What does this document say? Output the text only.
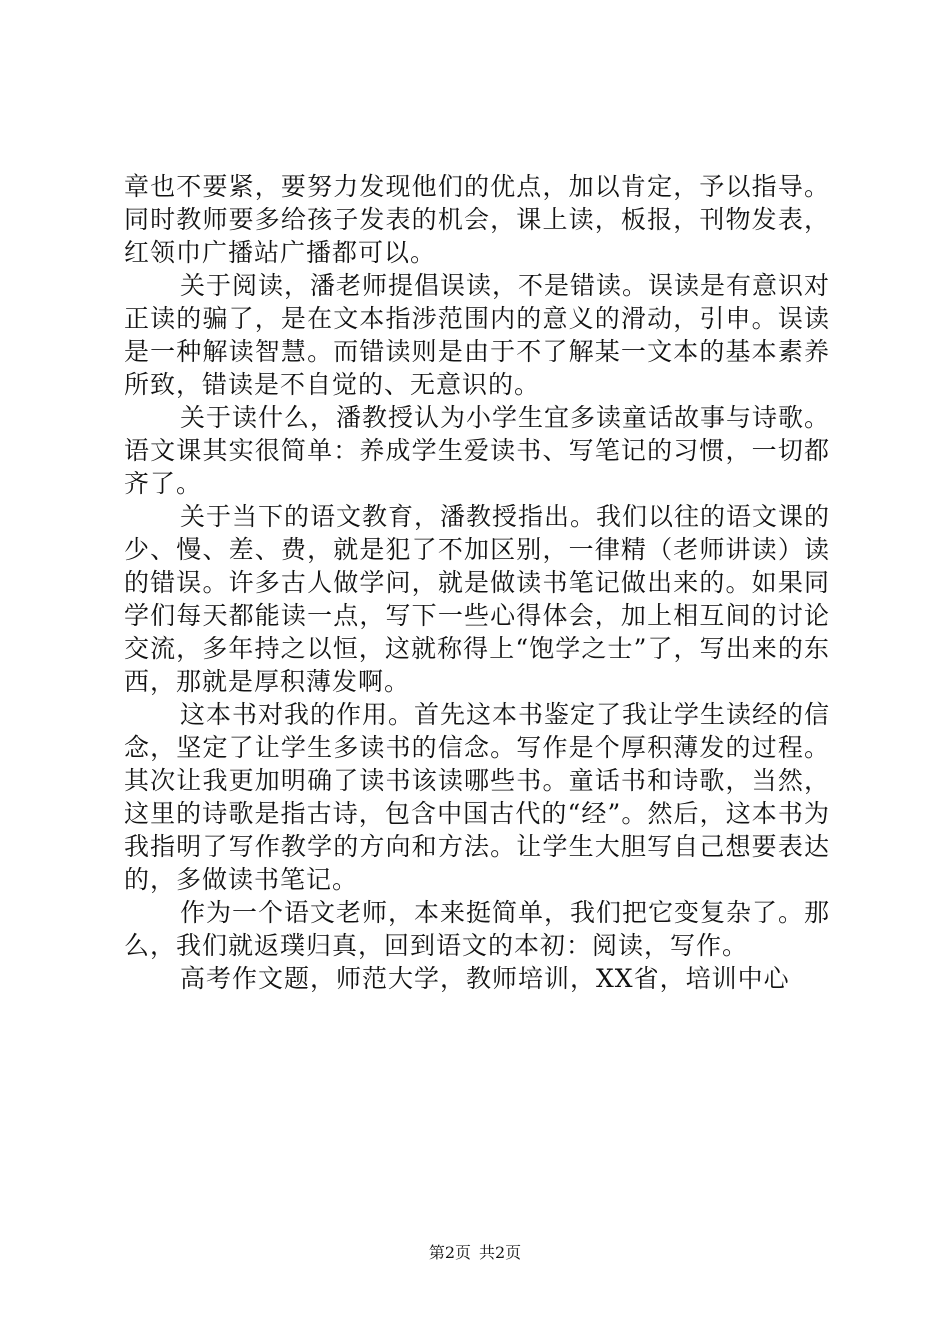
章也不要紧，要努力发现他们的优点，加以肯定，予以指导。同时教师要多给孩子发表的机会，课上读，板报，刊物发表，红领巾广播站广播都可以。

关于阅读，潘老师提倡误读，不是错读。误读是有意识对正读的骗了，是在文本指涉范围内的意义的滑动，引申。误读是一种解读智慧。而错读则是由于不了解某一文本的基本素养所致，错读是不自觉的、无意识的。

关于读什么，潘教授认为小学生宜多读童话故事与诗歌。语文课其实很简单：养成学生爱读书、写笔记的习惯，一切都齐了。

关于当下的语文教育，潘教授指出。我们以往的语文课的少、慢、差、费，就是犯了不加区别，一律精（老师讲读）读的错误。许多古人做学问，就是做读书笔记做出来的。如果同学们每天都能读一点，写下一些心得体会，加上相互间的讨论交流，多年持之以恒，这就称得上“饱学之士”了，写出来的东西，那就是厚积薄发啊。

这本书对我的作用。首先这本书鉴定了我让学生读经的信念，坚定了让学生多读书的信念。写作是个厚积薄发的过程。其次让我更加明确了读书该读哪些书。童话书和诗歌，当然，这里的诗歌是指古诗，包含中国古代的“经”。然后，这本书为我指明了写作教学的方向和方法。让学生大胆写自己想要表达的，多做读书笔记。

作为一个语文老师，本来挺简单，我们把它变复杂了。那么，我们就返璞归真，回到语文的本初：阅读，写作。

高考作文题，师范大学，教师培训，XX省，培训中心

第2页 共2页
